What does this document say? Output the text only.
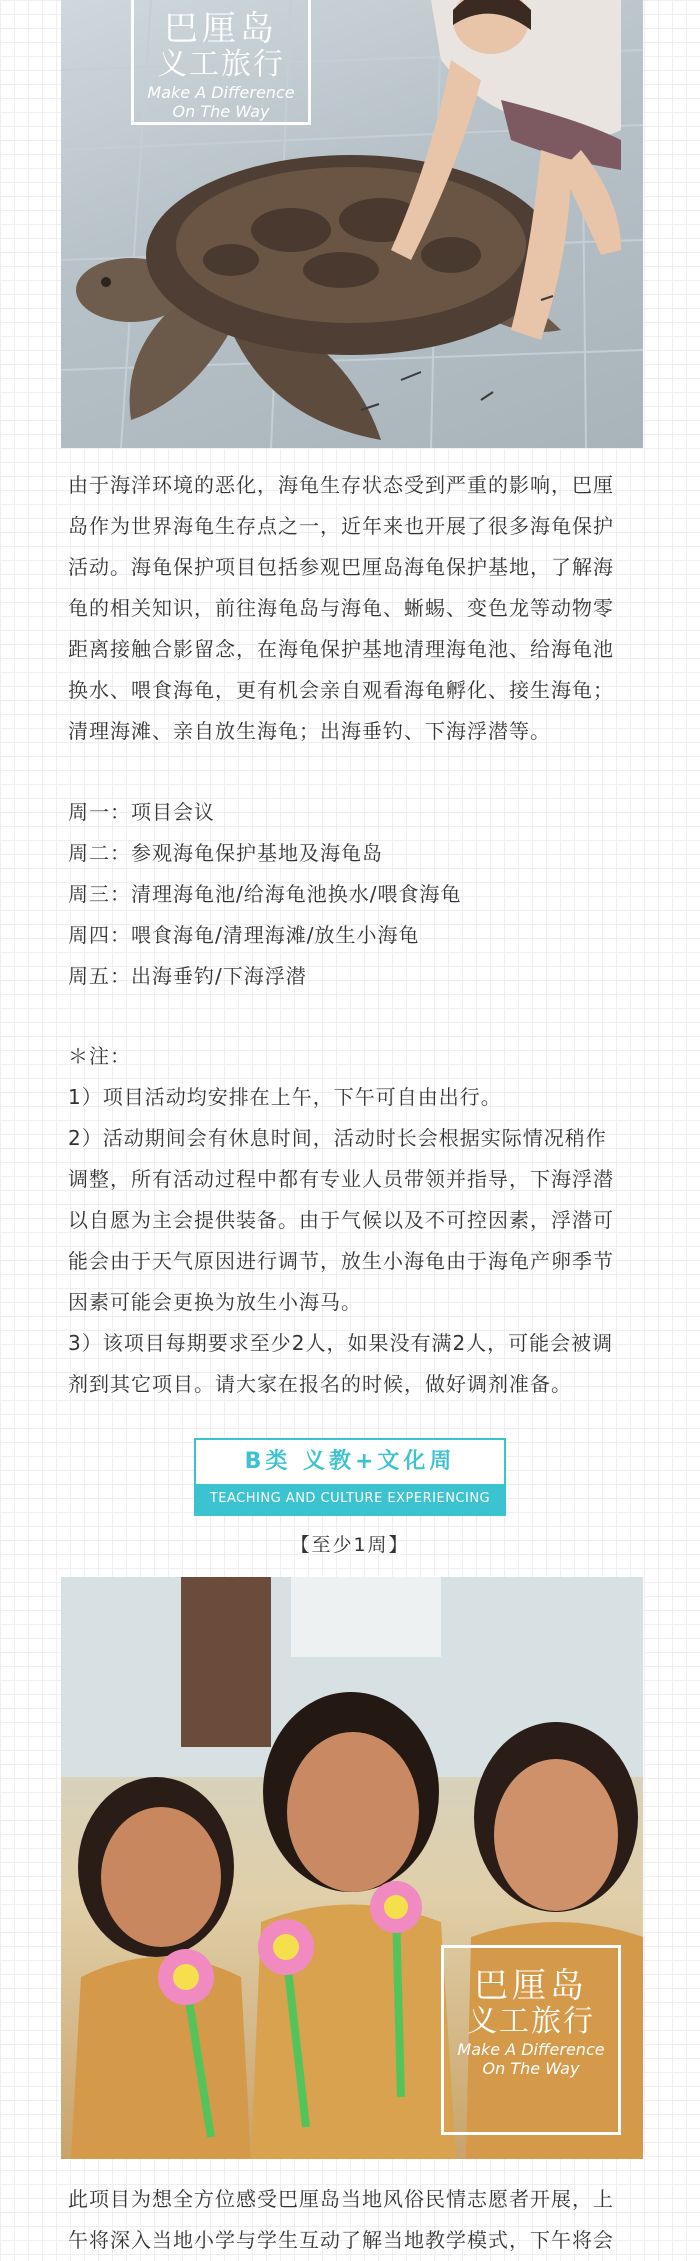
巴厘岛
义工旅行
Make A Difference
On The Way
由于海洋环境的恶化，海龟生存状态受到严重的影响，巴厘
岛作为世界海龟生存点之一，近年来也开展了很多海龟保护
活动。海龟保护项目包括参观巴厘岛海龟保护基地，了解海
龟的相关知识，前往海龟岛与海龟、蜥蜴、变色龙等动物零
距离接触合影留念，在海龟保护基地清理海龟池、给海龟池
换水、喂食海龟，更有机会亲自观看海龟孵化、接生海龟；
清理海滩、亲自放生海龟；出海垂钓、下海浮潜等。
周一：项目会议
周二：参观海龟保护基地及海龟岛
周三：清理海龟池/给海龟池换水/喂食海龟
周四：喂食海龟/清理海滩/放生小海龟
周五：出海垂钓/下海浮潜
＊注：
1）项目活动均安排在上午，下午可自由出行。
2）活动期间会有休息时间，活动时长会根据实际情况稍作
调整，所有活动过程中都有专业人员带领并指导，下海浮潜
以自愿为主会提供装备。由于气候以及不可控因素，浮潜可
能会由于天气原因进行调节，放生小海龟由于海龟产卵季节
因素可能会更换为放生小海马。
3）该项目每期要求至少2人，如果没有满2人，可能会被调
剂到其它项目。请大家在报名的时候，做好调剂准备。
B类 义教+文化周
TEACHING AND CULTURE EXPERIENCING
【至少1周】
巴厘岛
义工旅行
Make A Difference
On The Way
此项目为想全方位感受巴厘岛当地风俗民情志愿者开展，上
午将深入当地小学与学生互动了解当地教学模式，下午将会
